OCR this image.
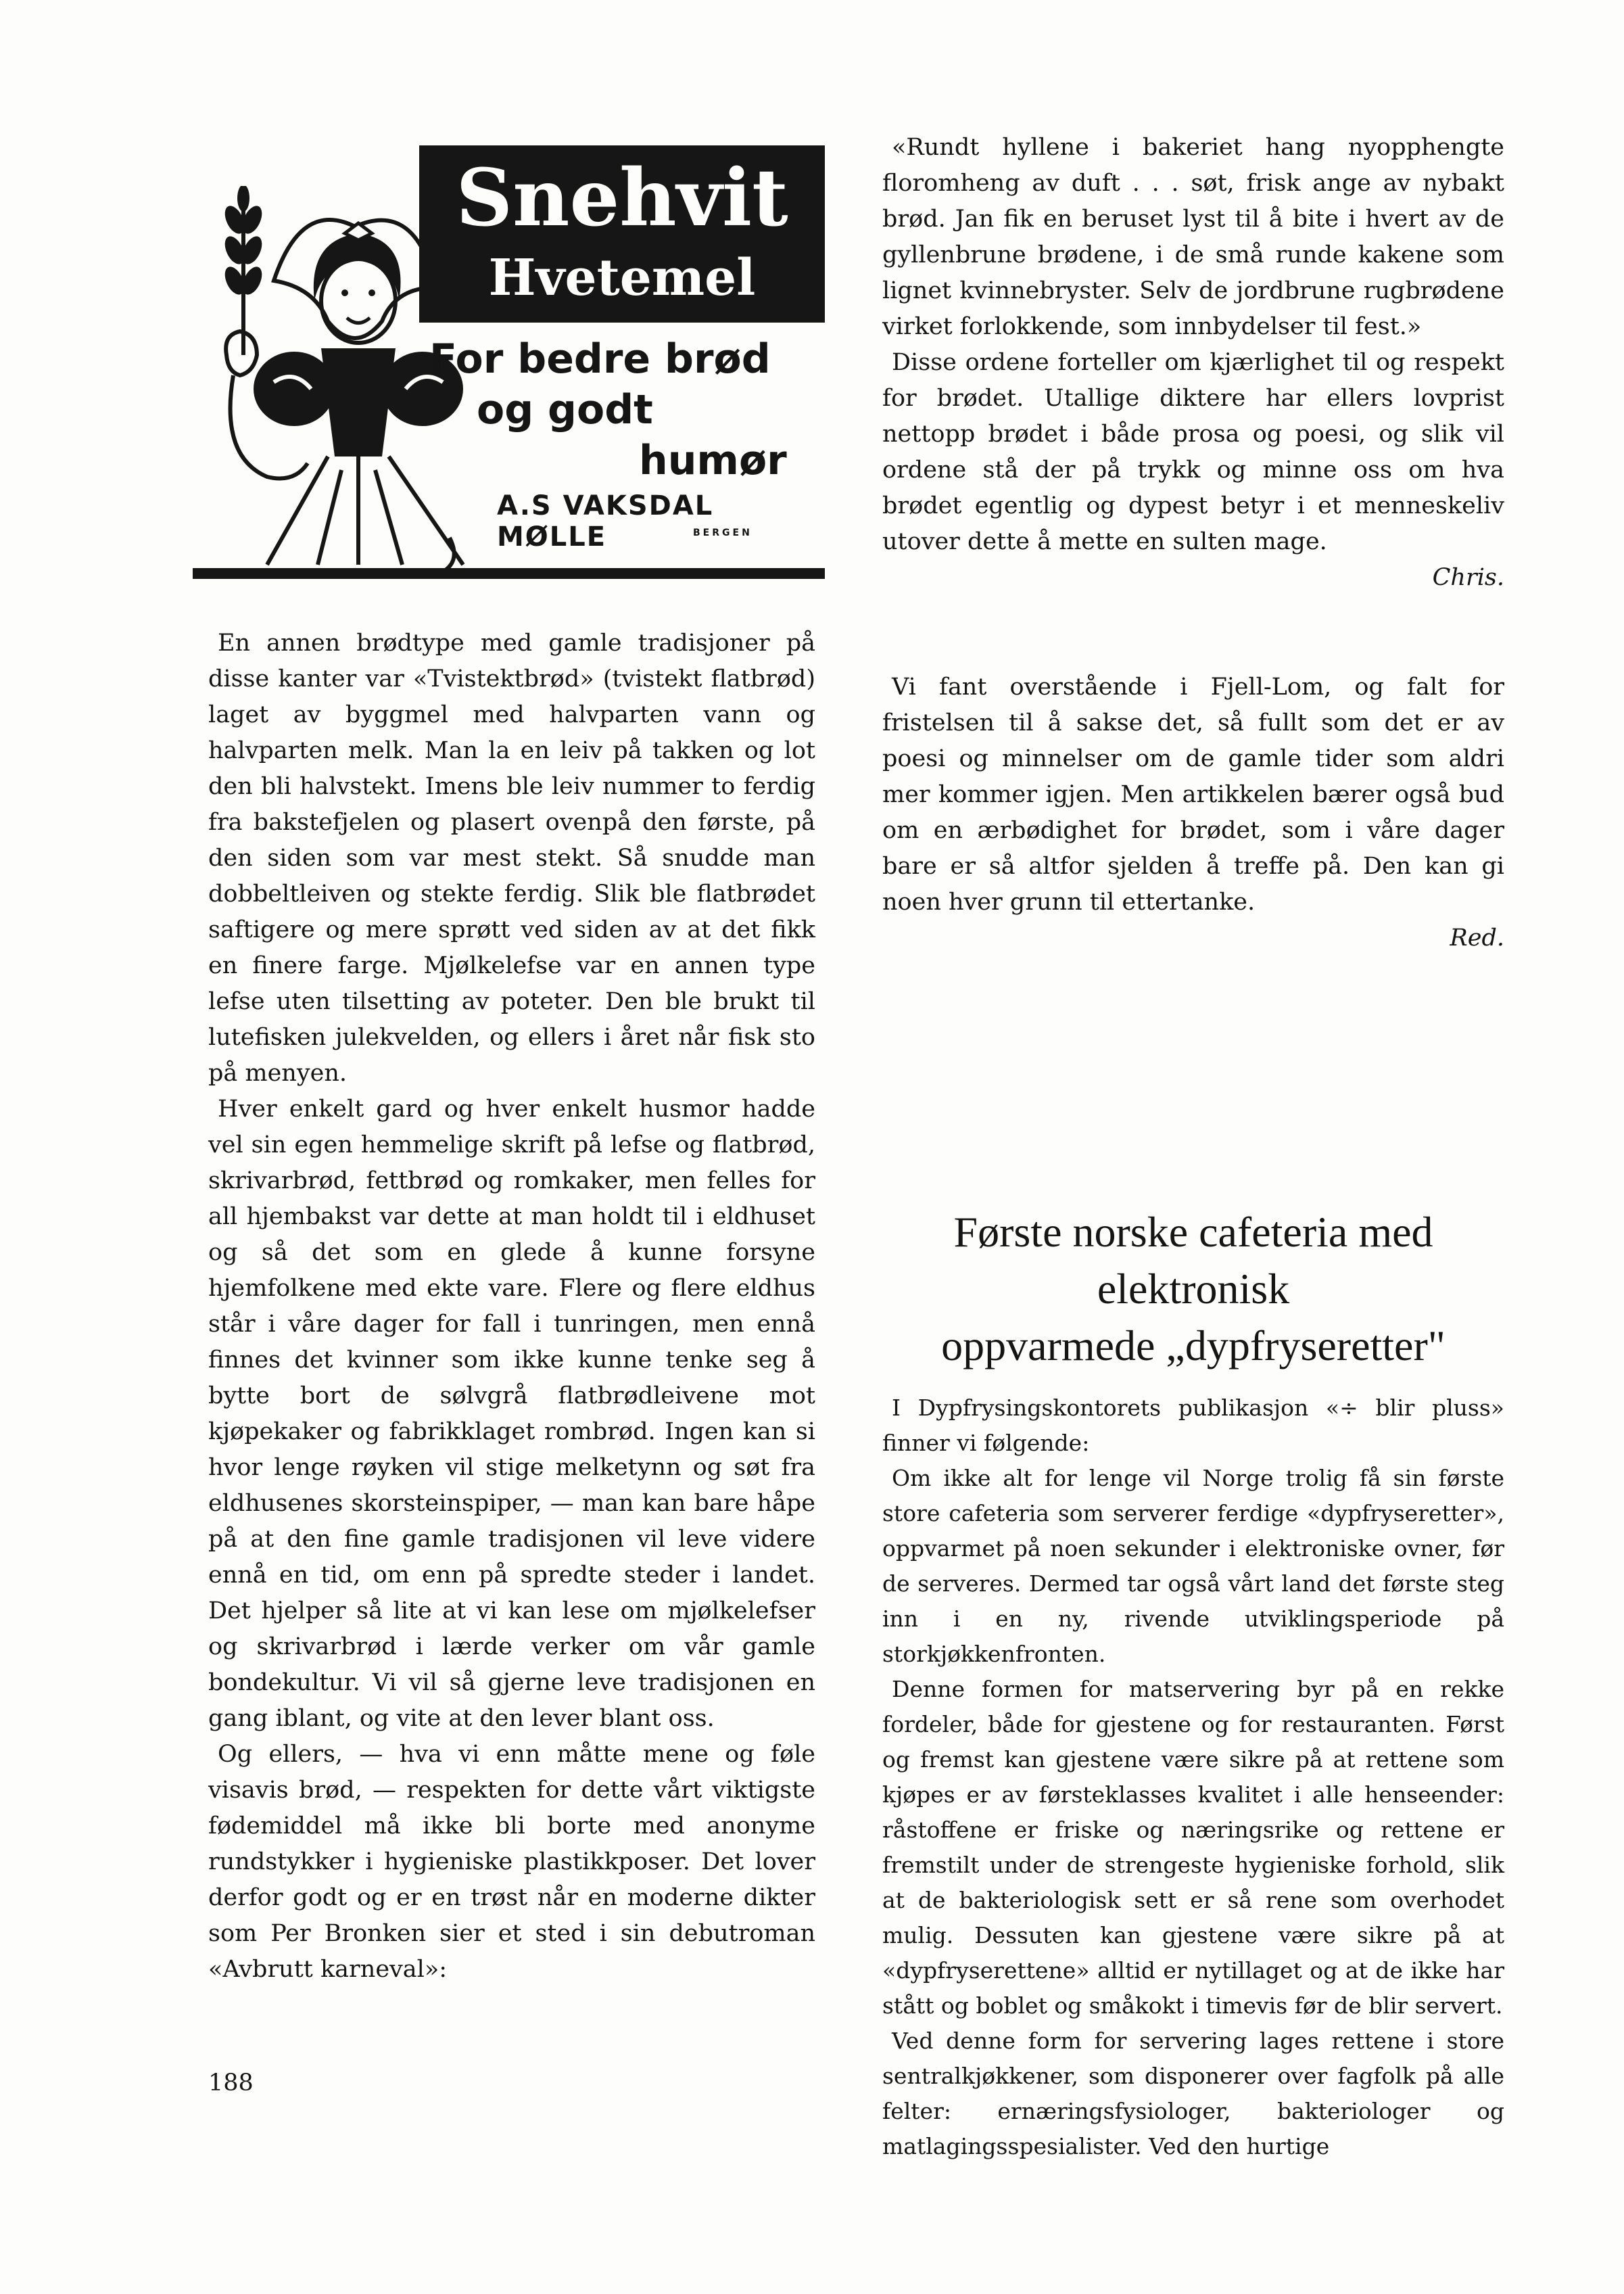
Snehvit
Hvetemel
For bedre brød
og godt
humør
A.S VAKSDAL MØLLE	BERGEN

En annen brødtype med gamle tradisjoner på disse kanter var «Tvistektbrød» (tvistekt flatbrød) laget av byggmel med halvparten vann og halvparten melk. Man la en leiv på takken og lot den bli halvstekt. Imens ble leiv nummer to ferdig fra bakstefjelen og plasert ovenpå den første, på den siden som var mest stekt. Så snudde man dobbeltleiven og stekte ferdig. Slik ble flatbrødet saftigere og mere sprøtt ved siden av at det fikk en finere farge. Mjølkelefse var en annen type lefse uten tilsetting av poteter. Den ble brukt til lutefisken julekvelden, og ellers i året når fisk sto på menyen.

Hver enkelt gard og hver enkelt husmor hadde vel sin egen hemmelige skrift på lefse og flatbrød, skrivarbrød, fettbrød og romkaker, men felles for all hjembakst var dette at man holdt til i eldhuset og så det som en glede å kunne forsyne hjemfolkene med ekte vare. Flere og flere eldhus står i våre dager for fall i tunringen, men ennå finnes det kvinner som ikke kunne tenke seg å bytte bort de sølvgrå flatbrødleivene mot kjøpekaker og fabrikklaget rombrød. Ingen kan si hvor lenge røyken vil stige melketynn og søt fra eldhusenes skorsteinspiper, — man kan bare håpe på at den fine gamle tradisjonen vil leve videre ennå en tid, om enn på spredte steder i landet. Det hjelper så lite at vi kan lese om mjølkelefser og skrivarbrød i lærde verker om vår gamle bondekultur. Vi vil så gjerne leve tradisjonen en gang iblant, og vite at den lever blant oss.

Og ellers, — hva vi enn måtte mene og føle visavis brød, — respekten for dette vårt viktigste fødemiddel må ikke bli borte med anonyme rundstykker i hygieniske plastikkposer. Det lover derfor godt og er en trøst når en moderne dikter som Per Bronken sier et sted i sin debutroman «Avbrutt karneval»:

«Rundt hyllene i bakeriet hang nyopphengte floromheng av duft . . . søt, frisk ange av nybakt brød. Jan fik en beruset lyst til å bite i hvert av de gyllenbrune brødene, i de små runde kakene som lignet kvinnebryster. Selv de jordbrune rugbrødene virket forlokkende, som innbydelser til fest.»

Disse ordene forteller om kjærlighet til og respekt for brødet. Utallige diktere har ellers lovprist nettopp brødet i både prosa og poesi, og slik vil ordene stå der på trykk og minne oss om hva brødet egentlig og dypest betyr i et menneskeliv utover dette å mette en sulten mage.

Chris.

Vi fant overstående i Fjell-Lom, og falt for fristelsen til å sakse det, så fullt som det er av poesi og minnelser om de gamle tider som aldri mer kommer igjen. Men artikkelen bærer også bud om en ærbødighet for brødet, som i våre dager bare er så altfor sjelden å treffe på. Den kan gi noen hver grunn til ettertanke.

Red.

Første norske cafeteria med
elektronisk
oppvarmede „dypfryseretter"

I Dypfrysingskontorets publikasjon «÷ blir pluss» finner vi følgende:

Om ikke alt for lenge vil Norge trolig få sin første store cafeteria som serverer ferdige «dypfryseretter», oppvarmet på noen sekunder i elektroniske ovner, før de serveres. Dermed tar også vårt land det første steg inn i en ny, rivende utviklingsperiode på storkjøkkenfronten.

Denne formen for matservering byr på en rekke fordeler, både for gjestene og for restauranten. Først og fremst kan gjestene være sikre på at rettene som kjøpes er av førsteklasses kvalitet i alle henseender: råstoffene er friske og næringsrike og rettene er fremstilt under de strengeste hygieniske forhold, slik at de bakteriologisk sett er så rene som overhodet mulig. Dessuten kan gjestene være sikre på at «dypfryserettene» alltid er nytillaget og at de ikke har stått og boblet og småkokt i timevis før de blir servert.

Ved denne form for servering lages rettene i store sentralkjøkkener, som disponerer over fagfolk på alle felter: ernæringsfysiologer, bakteriologer og matlagingsspesialister. Ved den hurtige

188
